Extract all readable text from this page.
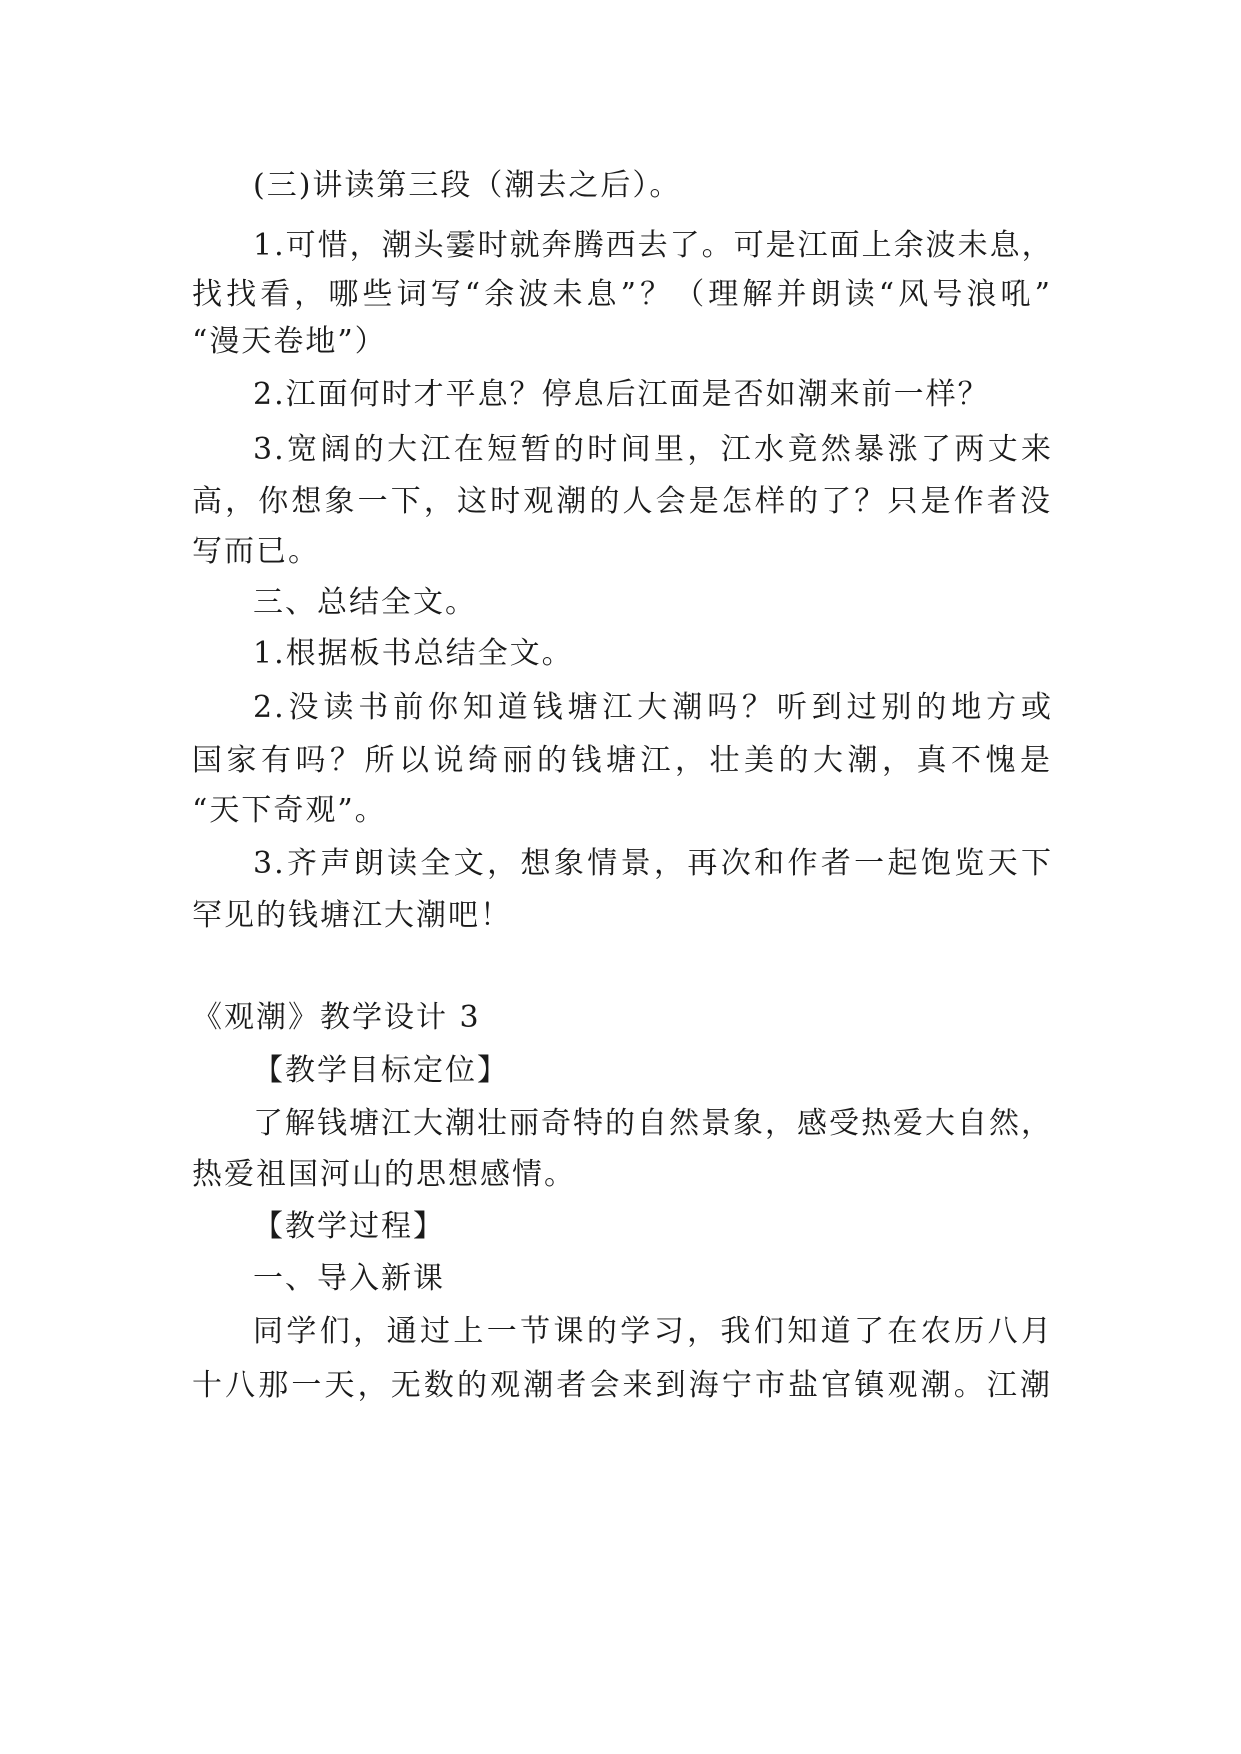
(三)讲读第三段（潮去之后）。
1.可惜，潮头霎时就奔腾西去了。可是江面上余波未息，
找找看，哪些词写“余波未息”？（理解并朗读“风号浪吼”
“漫天卷地”）
2.江面何时才平息？停息后江面是否如潮来前一样？
3.宽阔的大江在短暂的时间里，江水竟然暴涨了两丈来
高，你想象一下，这时观潮的人会是怎样的了？只是作者没
写而已。
三、总结全文。
1.根据板书总结全文。
2.没读书前你知道钱塘江大潮吗？听到过别的地方或
国家有吗？所以说绮丽的钱塘江，壮美的大潮，真不愧是
“天下奇观”。
3.齐声朗读全文，想象情景，再次和作者一起饱览天下
罕见的钱塘江大潮吧！
《观潮》教学设计 3
【教学目标定位】
了解钱塘江大潮壮丽奇特的自然景象，感受热爱大自然，
热爱祖国河山的思想感情。
【教学过程】
一、导入新课
同学们，通过上一节课的学习，我们知道了在农历八月
十八那一天，无数的观潮者会来到海宁市盐官镇观潮。江潮
